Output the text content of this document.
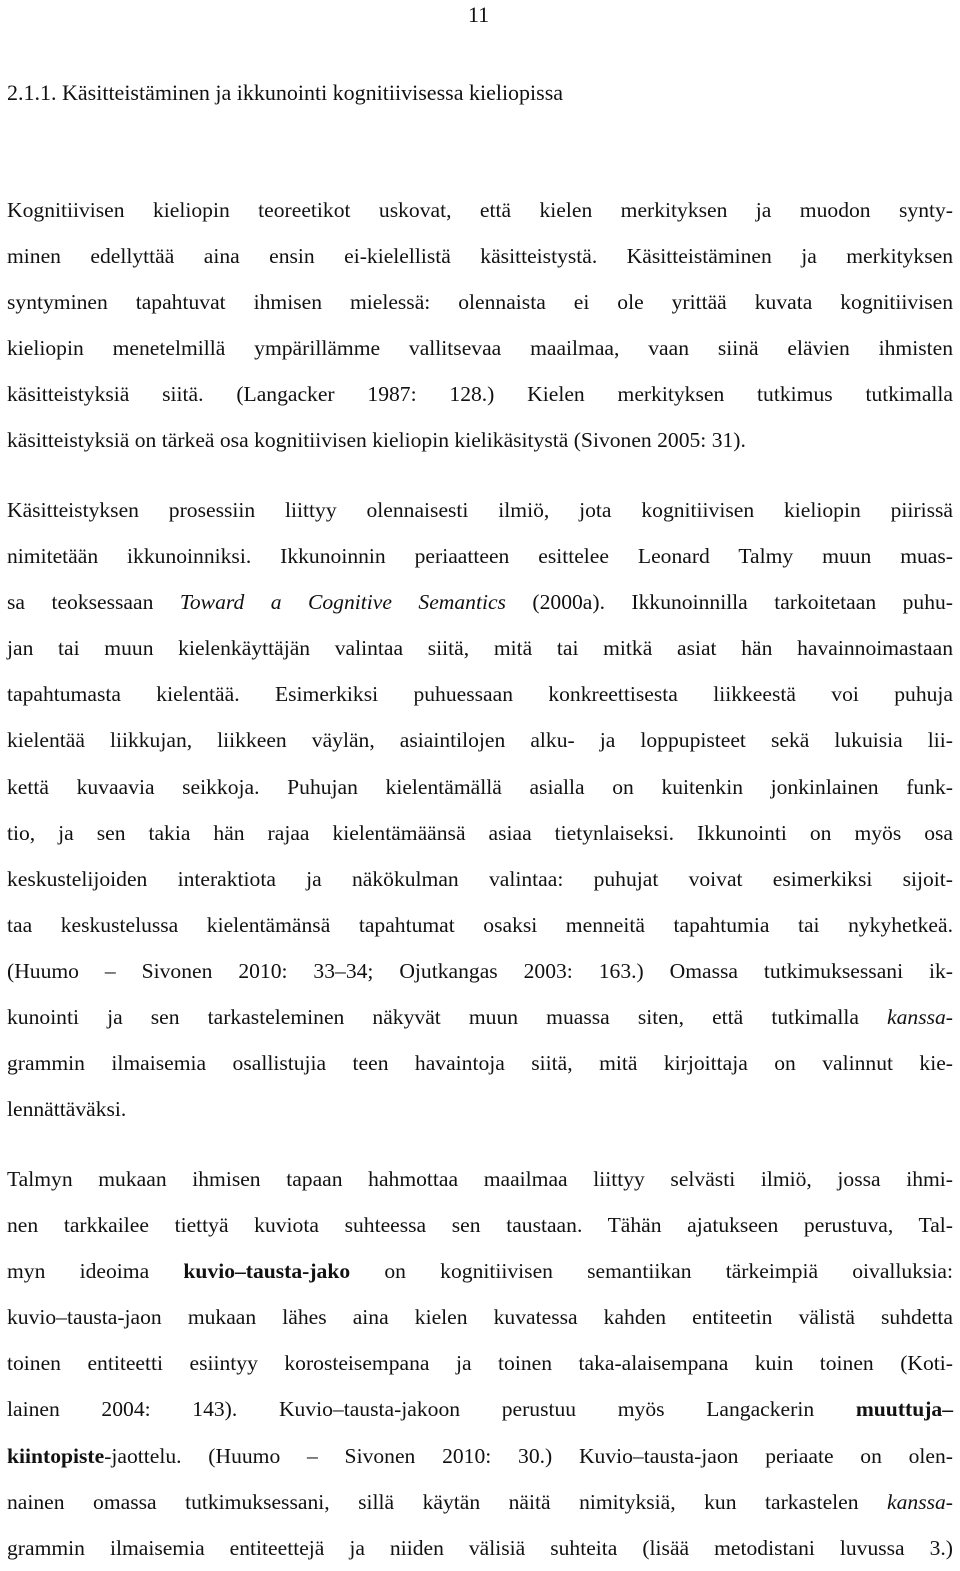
11
2.1.1. Käsitteistäminen ja ikkunointi kognitiivisessa kieliopissa
Kognitiivisen kieliopin teoreetikot uskovat, että kielen merkityksen ja muodon synty-
minen edellyttää aina ensin ei-kielellistä käsitteistystä. Käsitteistäminen ja merkityksen
syntyminen tapahtuvat ihmisen mielessä: olennaista ei ole yrittää kuvata kognitiivisen
kieliopin menetelmillä ympärillämme vallitsevaa maailmaa, vaan siinä elävien ihmisten
käsitteistyksiä siitä. (Langacker 1987: 128.) Kielen merkityksen tutkimus tutkimalla
käsitteistyksiä on tärkeä osa kognitiivisen kieliopin kielikäsitystä (Sivonen 2005: 31).
Käsitteistyksen prosessiin liittyy olennaisesti ilmiö, jota kognitiivisen kieliopin piirissä
nimitetään ikkunoinniksi. Ikkunoinnin periaatteen esittelee Leonard Talmy muun muas-
sa teoksessaan Toward a Cognitive Semantics (2000a). Ikkunoinnilla tarkoitetaan puhu-
jan tai muun kielenkäyttäjän valintaa siitä, mitä tai mitkä asiat hän havainnoimastaan
tapahtumasta kielentää. Esimerkiksi puhuessaan konkreettisesta liikkeestä voi puhuja
kielentää liikkujan, liikkeen väylän, asiaintilojen alku- ja loppupisteet sekä lukuisia lii-
kettä kuvaavia seikkoja. Puhujan kielentämällä asialla on kuitenkin jonkinlainen funk-
tio, ja sen takia hän rajaa kielentämäänsä asiaa tietynlaiseksi. Ikkunointi on myös osa
keskustelijoiden interaktiota ja näkökulman valintaa: puhujat voivat esimerkiksi sijoit-
taa keskustelussa kielentämänsä tapahtumat osaksi menneitä tapahtumia tai nykyhetkeä.
(Huumo – Sivonen 2010: 33–34; Ojutkangas 2003: 163.) Omassa tutkimuksessani ik-
kunointi ja sen tarkasteleminen näkyvät muun muassa siten, että tutkimalla kanssa-
grammin ilmaisemia osallistujia teen havaintoja siitä, mitä kirjoittaja on valinnut kie-
lennättäväksi.
Talmyn mukaan ihmisen tapaan hahmottaa maailmaa liittyy selvästi ilmiö, jossa ihmi-
nen tarkkailee tiettyä kuviota suhteessa sen taustaan. Tähän ajatukseen perustuva, Tal-
myn ideoima kuvio–tausta-jako on kognitiivisen semantiikan tärkeimpiä oivalluksia:
kuvio–tausta-jaon mukaan lähes aina kielen kuvatessa kahden entiteetin välistä suhdetta
toinen entiteetti esiintyy korosteisempana ja toinen taka-alaisempana kuin toinen (Koti-
lainen 2004: 143). Kuvio–tausta-jakoon perustuu myös Langackerin muuttuja–
kiintopiste-jaottelu. (Huumo – Sivonen 2010: 30.) Kuvio–tausta-jaon periaate on olen-
nainen omassa tutkimuksessani, sillä käytän näitä nimityksiä, kun tarkastelen kanssa-
grammin ilmaisemia entiteettejä ja niiden välisiä suhteita (lisää metodistani luvussa 3.)
